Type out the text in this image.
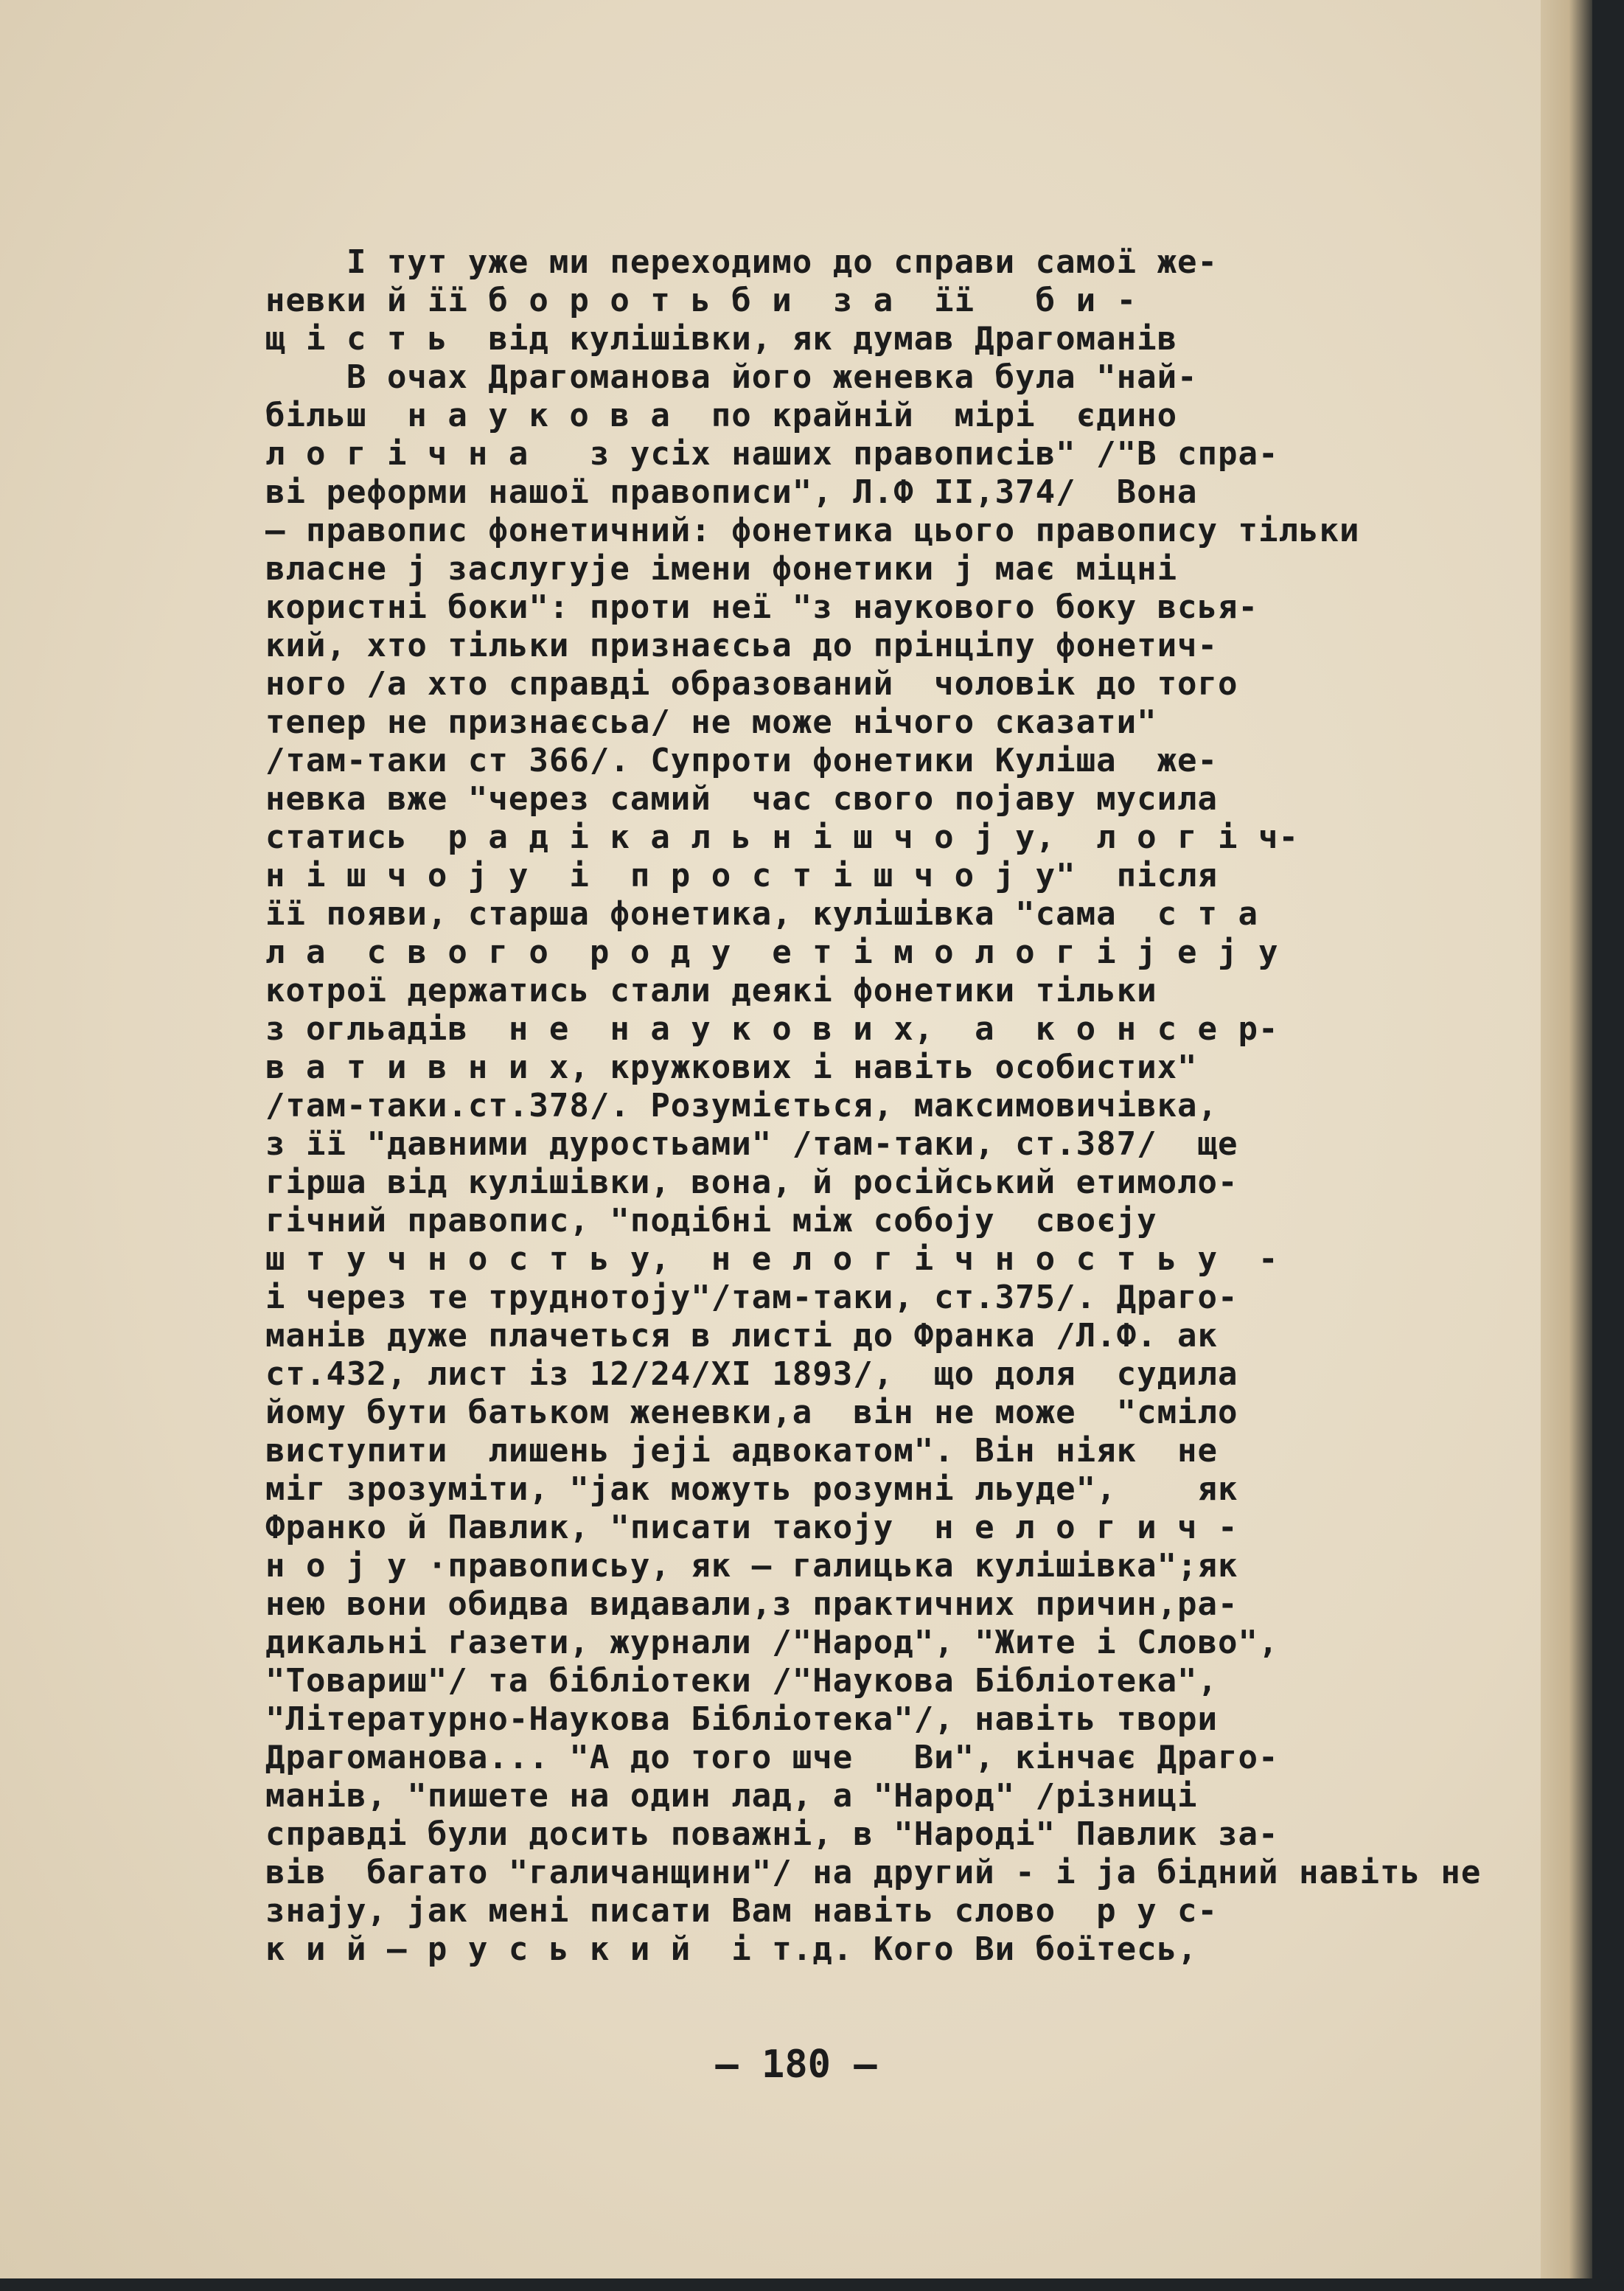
І тут уже ми переходимо до справи самої же-
невки й її б о р о т ь б и  з а  її   б и -
щ і с т ь  від кулішівки, як думав Драгоманів
В очах Драгоманова його женевка була "най-
більш  н а у к о в а  по крайній  мірі  єдино
л о г і ч н а   з усіх наших правописів" /"В спра-
ві реформи нашої правописи", Л.Ф ІІ,374/  Вона
– правопис фонетичний: фонетика цього правопису тільки
власне ј заслугујe імени фонетики ј має міцні
користні боки": проти неї "з наукового боку всья-
кий, хто тільки признаєсьа до прінціпу фонетич-
ного /а хто справді образований  чоловік до того
тепер не признаєсьа/ не може нічого сказати"
/там-таки ст 366/. Супроти фонетики Куліша  же-
невка вже "через самий  час свого појаву мусила
статись  р а д і к а л ь н і ш ч о ј у,  л о г і ч-
н і ш ч о ј у  і  п р о с т і ш ч о ј у"  після
її появи, старша фонетика, кулішівка "сама  с т а
л а  с в о г о  р о д у  е т і м о л о г і ј е ј у
котрої держатись стали деякі фонетики тільки
з огльадів  н е  н а у к о в и х,  а  к о н с е р-
в а т и в н и х, кружкових і навіть особистих"
/там-таки.ст.378/. Розуміється, максимовичівка,
з її "давними дуростьами" /там-таки, ст.387/  ще
гірша від кулішівки, вона, й російський етимоло-
гічний правопис, "подібні між собоју  своєју
ш т у ч н о с т ь у,  н е л о г і ч н о с т ь у  -
і через те труднотоју"/там-таки, ст.375/. Драго-
манів дуже плачеться в листі до Франка /Л.Ф. ак
ст.432, лист із 12/24/XI 1893/,  що доля  судила
йому бути батьком женевки,а  він не може  "сміло
виступити  лишень јејі адвокатом". Він ніяк  не
міг зрозуміти, "јак можуть розумні льуде",    як
Франко й Павлик, "писати такоју  н е л о г и ч -
н о ј у ·правописьу, як – галицька кулішівка";як
нею вони обидва видавали,з практичних причин,ра-
дикальні ґазети, журнали /"Народ", "Жите і Слово",
"Товариш"/ та бібліотеки /"Наукова Бібліотека",
"Літературно-Наукова Бібліотека"/, навіть твори
Драгоманова... "А до того шче   Ви", кінчає Драго-
манів, "пишете на один лад, а "Народ" /різниці
справді були досить поважні, в "Народі" Павлик за-
вів  багато "галичанщини"/ на другий - і ја бідний навіть не
знају, јак мені писати Вам навіть слово  р у с-
к и й – р у с ь к и й  і т.д. Кого Ви боїтесь,
– 180 –
